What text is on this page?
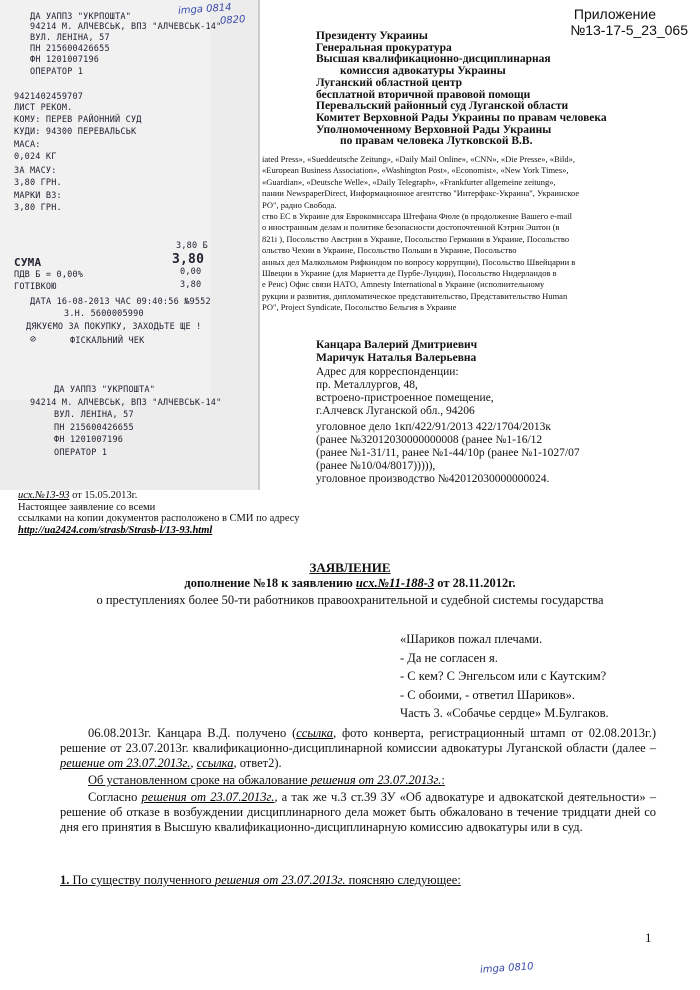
Приложение
№13-17-5_23_065
ДА УАППЗ "УКРПОШТА"
94214 М. АЛЧЕВСЬК, ВПЗ "АЛЧЕВСЬК-14"
ВУЛ. ЛЕНІНА, 57
ПН 215600426655
ФН 1201007196
ОПЕРАТОР 1
9421402459707
ЛИСТ РЕКОМ.
КОМУ: ПЕРЕВ РАЙОННИЙ СУД
КУДИ: 94300 ПЕРЕВАЛЬСЬК
МАСА:
0,024 КГ
ЗА МАСУ:
3,80 ГРН.
МАРКИ ВЗ:
3,80 ГРН.
3,80 Б
СУМА	3,80
ПДВ Б = 0,00%	0,00
ГОТІВКОЮ	3,80
ДАТА 16-08-2013 ЧАС 09:40:56 №9552
З.Н. 5600005990
ДЯКУЄМО ЗА ПОКУПКУ, ЗАХОДЬТЕ ЩЕ !
ФІСКАЛЬНИЙ ЧЕК
⊘
ДА УАППЗ "УКРПОШТА"
94214 М. АЛЧЕВСЬК, ВПЗ "АЛЧЕВСЬК-14"
ВУЛ. ЛЕНІНА, 57
ПН 215600426655
ФН 1201007196
ОПЕРАТОР 1
imga 0814
0820
Президенту Украины
Генеральная прокуратура
Высшая квалификационно-дисциплинарная
комиссия адвокатуры Украины
Луганский областной центр
бесплатной вторичной правовой помощи
Перевальский районный суд Луганской области
Комитет Верховной Рады Украины по правам человека
Уполномоченному Верховной Рады Украины
по правам человека Лутковской В.В.
iated Press», «Sueddeutsche Zeitung», «Daily Mail Online», «CNN», «Die Presse», «Bild»,
«European Business Association», «Washington Post», «Economist», «New York Times»,
«Guardian», «Deutsche Welle», «Daily Telegraph», «Frankfurter allgemeine zeitung»,
пании NewspaperDirect, Информационное агентство "Интерфакс-Украина", Украинское
РО", радио Свобода.
ство ЕС в Украине для Еврокомиссара Штефана Фюле (в продолжение Вашего e-mail
о иностранным делам и политике безопасности достопочтенной Кэтрин Эштон (в
821i ), Посольство Австрии в Украине, Посольство Германии в Украине, Посольство
ольство Чехии в Украине, Посольство Польши в Украине, Посольство
анных дел Малкольмом Рифкиндом по вопросу коррупции), Посольство Швейцарии в
Швеции в Украине (для Мариетта де Пурбе-Лундин), Посольство Нидерландов в
е Ренс) Офис связи НАТО, Amnesty International в Украине (исполнительному
рукции и развития, дипломатическое представительство, Представительство Human
РО", Project Syndicate, Посольство Бельгия в Украине
Канцара Валерий Дмитриевич
Маричук Наталья Валерьевна
Адрес для корреспонденции:
пр. Металлургов, 48,
встроено-пристроенное помещение,
г.Алчевск Луганской обл., 94206
уголовное дело 1кп/422/91/2013 422/1704/2013к
(ранее №32012030000000008 (ранее №1-16/12
(ранее №1-31/11, ранее №1-44/10р (ранее №1-1027/07
(ранее №10/04/8017))))),
уголовное производство №42012030000000024.
исх.№13-93 от 15.05.2013г.
Настоящее заявление со всеми
ссылками на копии документов расположено в СМИ по адресу
http://ua2424.com/strasb/Strasb-l/13-93.html
ЗАЯВЛЕНИЕ
дополнение №18 к заявлению исх.№11-188-3 от 28.11.2012г.
о преступлениях более 50-ти работников правоохранительной и судебной системы государства
«Шариков пожал плечами.
- Да не согласен я.
- С кем? С Энгельсом или с Каутским?
- С обоими, - ответил Шариков».
Часть 3. «Собачье сердце» М.Булгаков.
06.08.2013г. Канцара В.Д. получено (ссылка, фото конверта, регистрационный штамп от 02.08.2013г.) решение от 23.07.2013г. квалификационно-дисциплинарной комиссии адвокатуры Луганской области (далее – решение от 23.07.2013г., ссылка, ответ2).
Об установленном сроке на обжалование решения от 23.07.2013г.:
Согласно решения от 23.07.2013г., а так же ч.3 ст.39 ЗУ «Об адвокатуре и адвокатской деятельности» – решение об отказе в возбуждении дисциплинарного дела может быть обжаловано в течение тридцати дней со дня его принятия в Высшую квалификационно-дисциплинарную комиссию адвокатуры или в суд.
1. По существу полученного решения от 23.07.2013г. поясняю следующее:
1
imga 0810
